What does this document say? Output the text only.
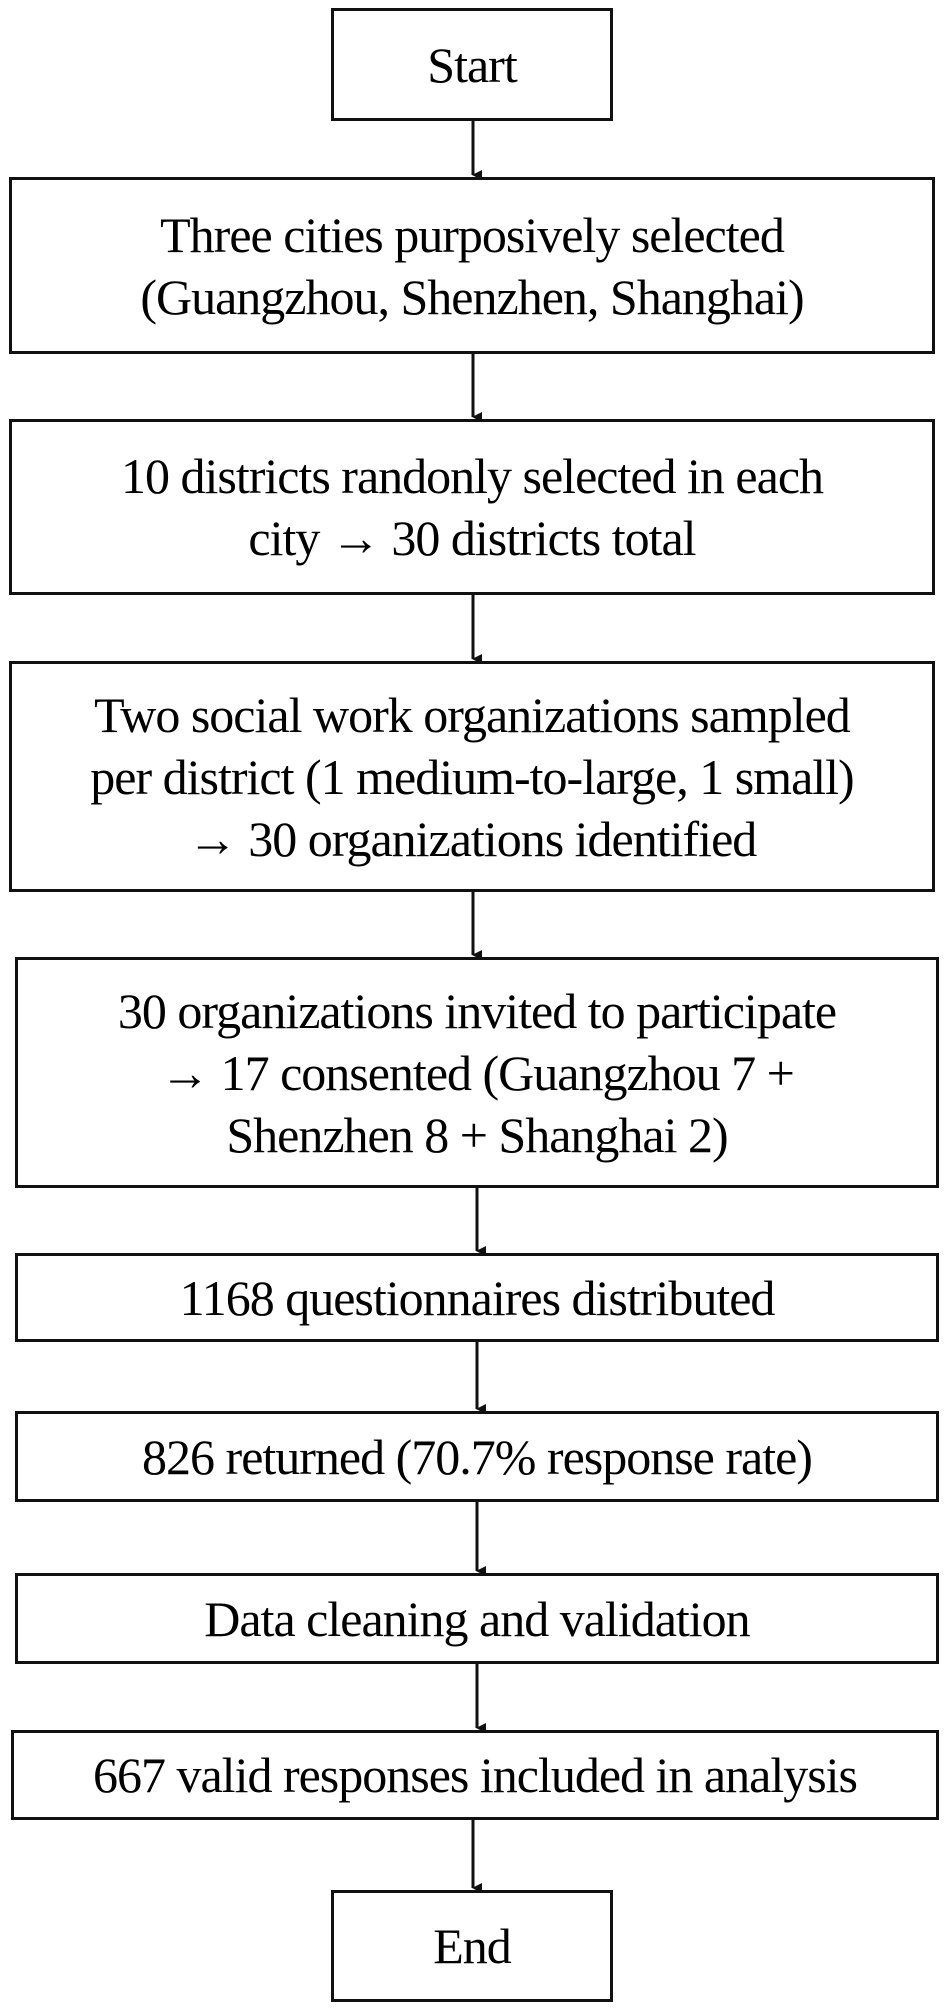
Start
Three cities purposively selected
(Guangzhou, Shenzhen, Shanghai)
10 districts randonly selected in each
city → 30 districts total
Two social work organizations sampled
per district (1 medium-to-large, 1 small)
→ 30 organizations identified
30 organizations invited to participate
→ 17 consented (Guangzhou 7 +
Shenzhen 8 + Shanghai 2)
1168 questionnaires distributed
826 returned (70.7% response rate)
Data cleaning and validation
667 valid responses included in analysis
End
